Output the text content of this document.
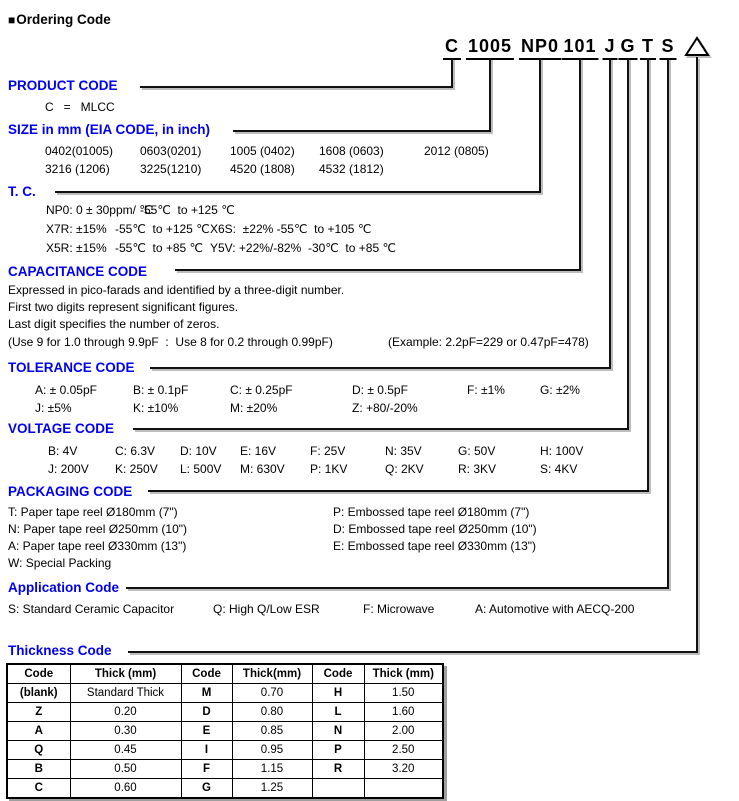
■ Ordering Code
C 1005 NP0 101 J G T S
PRODUCT CODE
C   =   MLCC
SIZE in mm (EIA CODE, in inch)
0402(01005) 0603(0201) 1005 (0402) 1608 (0603)	2012 (0805)
3216 (1206)	3225(1210) 4520 (1808) 4532 (1812)
T. C.
NP0: 0 ± 30ppm/ ℃
-55℃  to +125 ℃
X7R: ±15% -55℃  to +125 ℃ X6S:  ±22% -55℃  to +105 ℃
X5R: ±15% -55℃  to +85 ℃ Y5V: +22%/-82%  -30℃  to +85 ℃
CAPACITANCE CODE
Expressed in pico-farads and identified by a three-digit number.
First two digits represent significant figures.
Last digit specifies the number of zeros.
(Use 9 for 1.0 through 9.9pF  :  Use 8 for 0.2 through 0.99pF)	(Example: 2.2pF=229 or 0.47pF=478)
TOLERANCE CODE
A: ± 0.05pF	B: ± 0.1pF	C: ± 0.25pF	D: ± 0.5pF	F: ±1%	G: ±2%
J: ±5%	K: ±10%	M: ±20%	Z: +80/-20%
VOLTAGE CODE
B: 4V	C: 6.3V D: 10V E: 16V	F: 25V	N: 35V	G: 50V	H: 100V
J: 200V K: 250V L: 500V M: 630V P: 1KV	Q: 2KV	R: 3KV	S: 4KV
PACKAGING CODE
T: Paper tape reel Ø180mm (7")
N: Paper tape reel Ø250mm (10")
A: Paper tape reel Ø330mm (13")
W: Special Packing
P: Embossed tape reel Ø180mm (7")
D: Embossed tape reel Ø250mm (10")
E: Embossed tape reel Ø330mm (13")
Application Code
S: Standard Ceramic Capacitor	Q: High Q/Low ESR	F: Microwave	A: Automotive with AECQ-200
Thickness Code
Code	Thick (mm)	Code	Thick(mm)	Code	Thick (mm)
(blank)	Standard Thick	M	0.70	H	1.50
Z	0.20	D	0.80	L	1.60
A	0.30	E	0.85	N	2.00
Q	0.45	I	0.95	P	2.50
B	0.50	F	1.15	R	3.20
C	0.60	G	1.25		
